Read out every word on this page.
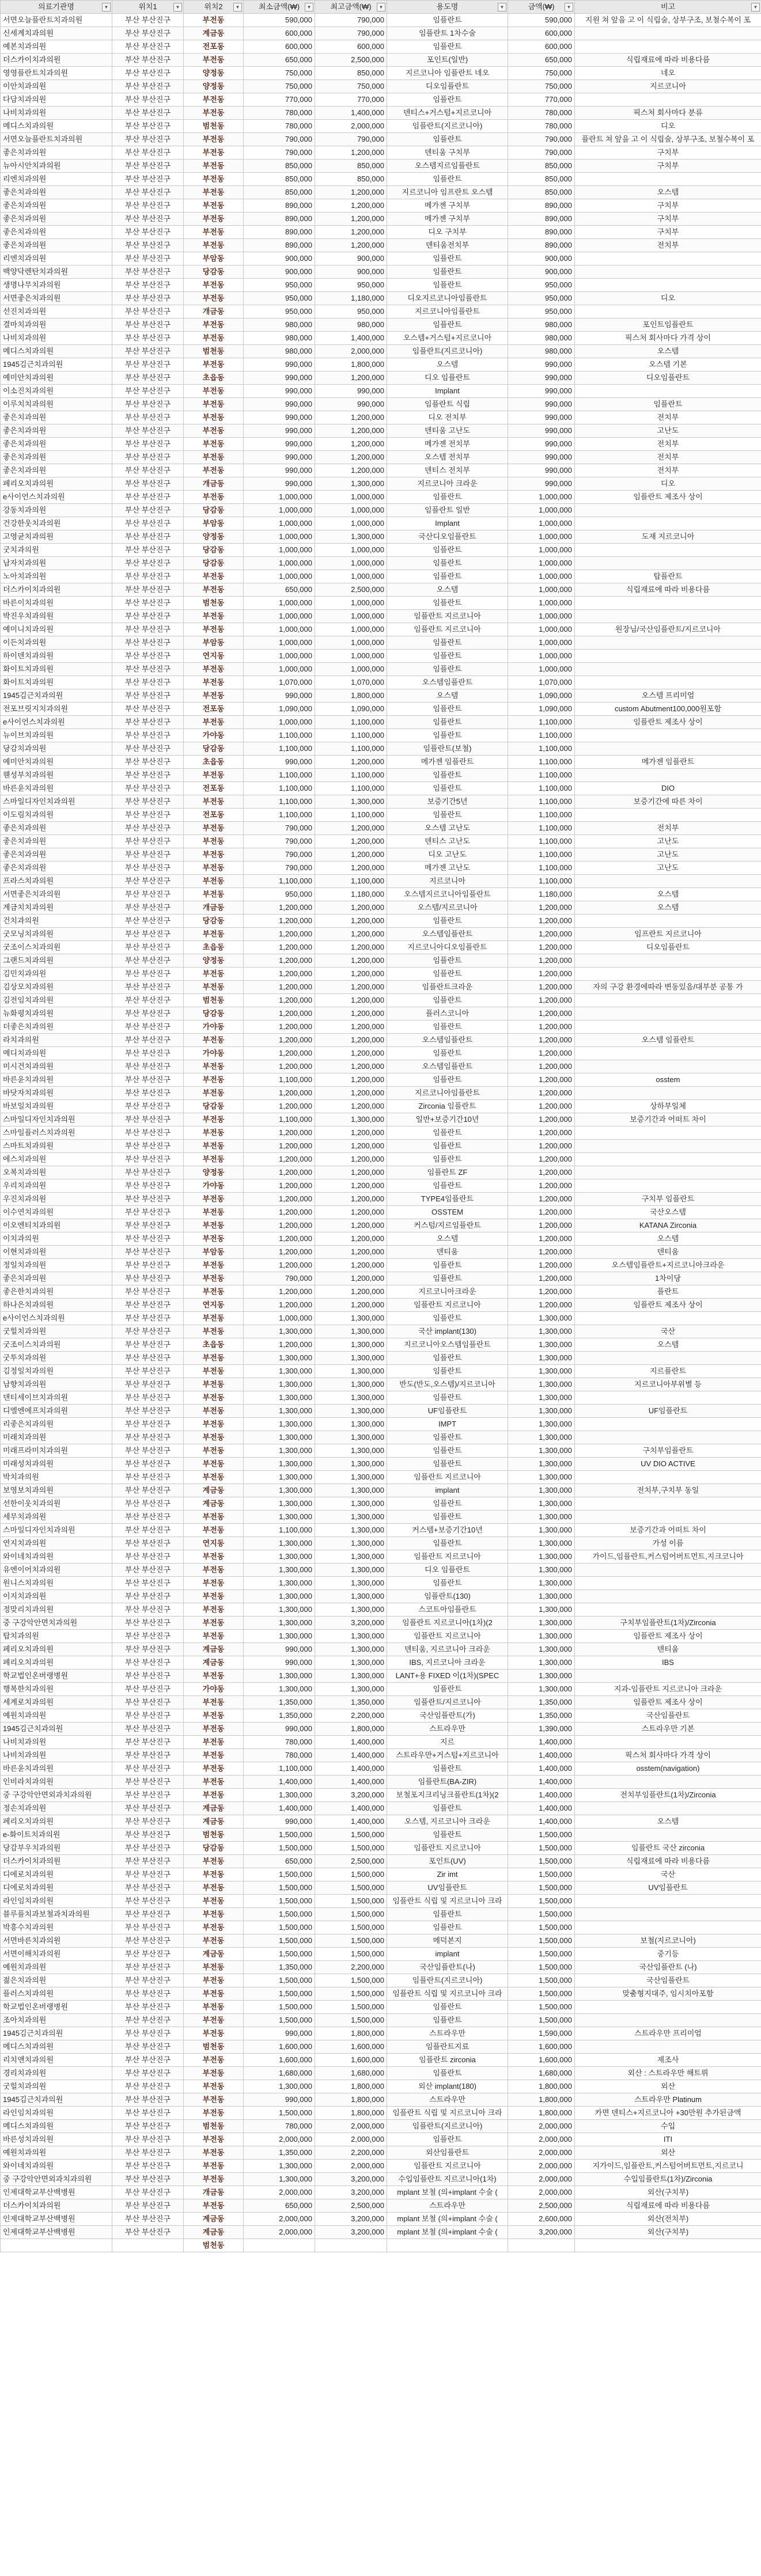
의료기관명 ▼	위치1 ▼	위치2 ▼	최소금액(₩) ▼	최고금액(₩) ▼	용도명 ▼	금액(₩) ▼	비고 ▼

서면오늘플란트치과의원	부산 부산진구	부전동	590,000	790,000	임플란트	590,000	지원 쳐 앞을 고 이 식립술, 상부구조, 보철수복이 포
신세계치과의원	부산 부산진구	계금동	600,000	790,000	임플란트 1차수술	600,000	
예본치과의원	부산 부산진구	전포동	600,000	600,000	임플란트	600,000	
더스카이치과의원	부산 부산진구	부전동	650,000	2,500,000	포인트(일반)	650,000	식립재료에 따라 비용다름
영영플란트치과의원	부산 부산진구	양정동	750,000	850,000	지르코니아 임플란트 네오	750,000	네오
이안치과의원	부산 부산진구	양정동	750,000	750,000	디오임플란트	750,000	지르코니아
다담치과의원	부산 부산진구	부전동	770,000	770,000	임플란트	770,000	
나비치과의원	부산 부산진구	부전동	780,000	1,400,000	덴티스+거스텀+지르코니아	780,000	픽스처 회사마다 분류
메디스치과의원	부산 부산진구	범천동	780,000	2,000,000	임플란트(지르코니아)	780,000	디오
서면오늘플란트치과의원	부산 부산진구	부전동	790,000	790,000	임플란트	790,000	플란트 쳐 앞을 고 이 식립술, 상부구조, 보철수복이 포
좋은치과의원	부산 부산진구	부전동	790,000	1,200,000	덴티움 구치부	790,000	구치부
뉴아시안치과의원	부산 부산진구	부전동	850,000	850,000	오스템지르임플란트	850,000	구치부
리엔치과의원	부산 부산진구	부전동	850,000	850,000	임플란트	850,000	
좋은치과의원	부산 부산진구	부전동	850,000	1,200,000	지르코니아 임프란트 오스템	850,000	오스템
좋은치과의원	부산 부산진구	부전동	890,000	1,200,000	메가젠 구치부	890,000	구치부
좋은치과의원	부산 부산진구	부전동	890,000	1,200,000	메가젠 구치부	890,000	구치부
좋은치과의원	부산 부산진구	부전동	890,000	1,200,000	디오 구치부	890,000	구치부
좋은치과의원	부산 부산진구	부전동	890,000	1,200,000	덴티움전치부	890,000	전치부
리엔치과의원	부산 부산진구	부암동	900,000	900,000	임플란트	900,000	
백양닥렌탄치과의원	부산 부산진구	당감동	900,000	900,000	임플란트	900,000	
생명나무치과의원	부산 부산진구	부전동	950,000	950,000	임플란트	950,000	
서면좋은치과의원	부산 부산진구	부전동	950,000	1,180,000	디오지르코니아임플란트	950,000	디오
선진치과의원	부산 부산진구	개금동	950,000	950,000	지르코니아임플란트	950,000	
결마치과의원	부산 부산진구	부전동	980,000	980,000	임플란트	980,000	포인트임플란트
나비치과의원	부산 부산진구	부전동	980,000	1,400,000	오스템+거스텀+지르코니아	980,000	픽스처 회사마다 가격 상이
메디스치과의원	부산 부산진구	범천동	980,000	2,000,000	임플란트(지르코니아)	980,000	오스템
1945김근치과의원	부산 부산진구	부전동	990,000	1,800,000	오스템	990,000	오스템 기본
예미안치과의원	부산 부산진구	초읍동	990,000	1,200,000	디오 임플란트	990,000	디오임플란트
이소진치과의원	부산 부산진구	부전동	990,000	990,000	Implant	990,000	
이루치치과의원	부산 부산진구	부전동	990,000	990,000	임플란트 식립	990,000	임플란트
좋은치과의원	부산 부산진구	부전동	990,000	1,200,000	디오 전치부	990,000	전치부
좋은치과의원	부산 부산진구	부전동	990,000	1,200,000	덴티움 고난도	990,000	고난도
좋은치과의원	부산 부산진구	부전동	990,000	1,200,000	메가젠 전치부	990,000	전치부
좋은치과의원	부산 부산진구	부전동	990,000	1,200,000	오스템 전치부	990,000	전치부
좋은치과의원	부산 부산진구	부전동	990,000	1,200,000	덴티스 전치부	990,000	전치부
페리오치과의원	부산 부산진구	개금동	990,000	1,300,000	지르코니아 크라운	990,000	디오
e사이언스치과의원	부산 부산진구	부전동	1,000,000	1,000,000	임플란트	1,000,000	임플란트 제조사 상이
강동치과의원	부산 부산진구	당감동	1,000,000	1,000,000	임플란트 일반	1,000,000	
건강한웃치과의원	부산 부산진구	부암동	1,000,000	1,000,000	Implant	1,000,000	
고영균치과의원	부산 부산진구	양정동	1,000,000	1,300,000	국산디오임플란트	1,000,000	도재 지르코니아
굿치과의원	부산 부산진구	당감동	1,000,000	1,000,000	임플란트	1,000,000	
남자치과의원	부산 부산진구	당감동	1,000,000	1,000,000	임플란트	1,000,000	
노아치과의원	부산 부산진구	부전동	1,000,000	1,000,000	임플란트	1,000,000	탑플란트
더스카이치과의원	부산 부산진구	부전동	650,000	2,500,000	오스템	1,000,000	식립재료에 따라 비용다름
바른이치과의원	부산 부산진구	범천동	1,000,000	1,000,000	임플란트	1,000,000	
박진우치과의원	부산 부산진구	부전동	1,000,000	1,000,000	임플란트 지르코니아	1,000,000	
예미니치과의원	부산 부산진구	부전동	1,000,000	1,000,000	임플란트 지르코니아	1,000,000	원장님/국산임플란트/지르코니아
이든치과의원	부산 부산진구	부암동	1,000,000	1,000,000	임플란트	1,000,000	
하이덴치과의원	부산 부산진구	연지동	1,000,000	1,000,000	임플란트	1,000,000	
화이트치과의원	부산 부산진구	부전동	1,000,000	1,000,000	임플란트	1,000,000	
화이트치과의원	부산 부산진구	부전동	1,070,000	1,070,000	오스템임플란트	1,070,000	
1945김근치과의원	부산 부산진구	부전동	990,000	1,800,000	오스템	1,090,000	오스템 프리미엄
전포브릿지치과의원	부산 부산진구	전포동	1,090,000	1,090,000	임플란트	1,090,000	custom Abutment100,000원포함
e사이언스치과의원	부산 부산진구	부전동	1,000,000	1,100,000	임플란트	1,100,000	임플란트 제조사 상이
뉴이브치과의원	부산 부산진구	가야동	1,100,000	1,100,000	임플란트	1,100,000	
당감치과의원	부산 부산진구	당감동	1,100,000	1,100,000	임플란트(보철)	1,100,000	
예미안치과의원	부산 부산진구	초읍동	990,000	1,200,000	메가젠 임플란트	1,100,000	메가젠 임플란트
웬성부치과의원	부산 부산진구	부전동	1,100,000	1,100,000	임플란트	1,100,000	
바른윤치과의원	부산 부산진구	전포동	1,100,000	1,100,000	임플란트	1,100,000	DIO
스마일디자인치과의원	부산 부산진구	부전동	1,100,000	1,300,000	보증기간5년	1,100,000	보증기간에 따른 차이
이도림치과의원	부산 부산진구	전포동	1,100,000	1,100,000	임플란트	1,100,000	
좋은치과의원	부산 부산진구	부전동	790,000	1,200,000	오스템 고난도	1,100,000	전치부
좋은치과의원	부산 부산진구	부전동	790,000	1,200,000	덴티스 고난도	1,100,000	고난도
좋은치과의원	부산 부산진구	부전동	790,000	1,200,000	디오 고난도	1,100,000	고난도
좋은치과의원	부산 부산진구	부전동	790,000	1,200,000	메가젠 고난도	1,100,000	고난도
프라스치과의원	부산 부산진구	부전동	1,100,000	1,100,000	지르코니아	1,100,000	
서면좋은치과의원	부산 부산진구	부전동	950,000	1,180,000	오스템지르코니아임플란트	1,180,000	오스템
계금치치과의원	부산 부산진구	개금동	1,200,000	1,200,000	오스템/지르코니아	1,200,000	오스템
건치과의원	부산 부산진구	당감동	1,200,000	1,200,000	임플란트	1,200,000	
굿모닝치과의원	부산 부산진구	부전동	1,200,000	1,200,000	오스템임플란트	1,200,000	임프란트 지르코니아
굿조이스치과의원	부산 부산진구	초읍동	1,200,000	1,200,000	지르코니아디오임플란트	1,200,000	디오임플란트
그랜드치과의원	부산 부산진구	양정동	1,200,000	1,200,000	임플란트	1,200,000	
김민치과의원	부산 부산진구	부전동	1,200,000	1,200,000	임플란트	1,200,000	
김상모치과의원	부산 부산진구	부전동	1,200,000	1,200,000	임플란트크라운	1,200,000	자의 구강 환경에따라 변동있음/대부분 공통 가
김전임치과의원	부산 부산진구	범천동	1,200,000	1,200,000	임플란트	1,200,000	
뉴화평치과의원	부산 부산진구	당감동	1,200,000	1,200,000	플러스코니아	1,200,000	
더좋은치과의원	부산 부산진구	가야동	1,200,000	1,200,000	임플란트	1,200,000	
라치과의원	부산 부산진구	부전동	1,200,000	1,200,000	오스템임플란트	1,200,000	오스템 임플란트
메디치과의원	부산 부산진구	가야동	1,200,000	1,200,000	임플란트	1,200,000	
미시건치과의원	부산 부산진구	부전동	1,200,000	1,200,000	오스템임플란트	1,200,000	
바른윤치과의원	부산 부산진구	부전동	1,100,000	1,200,000	임플란트	1,200,000	osstem
바닷자치과의원	부산 부산진구	부전동	1,200,000	1,200,000	지르코니아임플란트	1,200,000	
바보일치과의원	부산 부산진구	당감동	1,200,000	1,200,000	Zirconia 임플란트	1,200,000	상하부일체
스마일디자인치과의원	부산 부산진구	부전동	1,100,000	1,300,000	일반+보증기간10년	1,200,000	보증기간과 어떠트 차이
스마일플러스치과의원	부산 부산진구	부전동	1,200,000	1,200,000	임플란트	1,200,000	
스마트치과의원	부산 부산진구	부전동	1,200,000	1,200,000	임플란트	1,200,000	
에스치과의원	부산 부산진구	부전동	1,200,000	1,200,000	임플란트	1,200,000	
오복치과의원	부산 부산진구	양정동	1,200,000	1,200,000	임플란트 ZF	1,200,000	
우리치과의원	부산 부산진구	가야동	1,200,000	1,200,000	임플란트	1,200,000	
우진치과의원	부산 부산진구	부전동	1,200,000	1,200,000	TYPE4임플란트	1,200,000	구치부 임플란트
이수연치과의원	부산 부산진구	부전동	1,200,000	1,200,000	OSSTEM	1,200,000	국산오스템
이오엔티치과의원	부산 부산진구	부전동	1,200,000	1,200,000	커스텀/지르임플란트	1,200,000	KATANA Zirconia
이치과의원	부산 부산진구	부전동	1,200,000	1,200,000	오스템	1,200,000	오스템
이현치과의원	부산 부산진구	부암동	1,200,000	1,200,000	덴티움	1,200,000	덴티움
정일치과의원	부산 부산진구	부전동	1,200,000	1,200,000	임플란트	1,200,000	오스템임플란트+지르코니아크라운
좋은치과의원	부산 부산진구	부전동	790,000	1,200,000	임플란트	1,200,000	1차이당
좋은한치과의원	부산 부산진구	부전동	1,200,000	1,200,000	지르코니아크라운	1,200,000	플란트
하나은치과의원	부산 부산진구	연지동	1,200,000	1,200,000	임플란트 지르코니아	1,200,000	임플란트 제조사 상이
e사이언스치과의원	부산 부산진구	부전동	1,000,000	1,300,000	임플란트	1,300,000	
굿힐치과의원	부산 부산진구	부전동	1,300,000	1,300,000	국산 implant(130)	1,300,000	국산
굿조이스치과의원	부산 부산진구	초읍동	1,200,000	1,300,000	지르코니아오스템임플란트	1,300,000	오스템
굿투치과의원	부산 부산진구	부전동	1,300,000	1,300,000	임플란트	1,300,000	
김정일치과의원	부산 부산진구	부전동	1,300,000	1,300,000	임플란트	1,300,000	지르플란트
남향치과의원	부산 부산진구	부전동	1,300,000	1,300,000	반도(반도,오스템)/지르코니아	1,300,000	지르코니아부위별 등
덴티세이브치과의원	부산 부산진구	부전동	1,300,000	1,300,000	임플란트	1,300,000	
디엘엔에프치과의원	부산 부산진구	부전동	1,300,000	1,300,000	UF임플란트	1,300,000	UF임플란트
리좋은치과의원	부산 부산진구	부전동	1,300,000	1,300,000	IMPT	1,300,000	
미래치과의원	부산 부산진구	부전동	1,300,000	1,300,000	임플란트	1,300,000	
미래프라미치과의원	부산 부산진구	부전동	1,300,000	1,300,000	임플란트	1,300,000	구치부임플란트
미래성치과의원	부산 부산진구	부전동	1,300,000	1,300,000	임플란트	1,300,000	UV DIO ACTIVE
박치과의원	부산 부산진구	부전동	1,300,000	1,300,000	임플란트 지르코니아	1,300,000	
보영보치과의원	부산 부산진구	계금동	1,300,000	1,300,000	implant	1,300,000	전치부,구치부 동일
선한이웃치과의원	부산 부산진구	계금동	1,300,000	1,300,000	임플란트	1,300,000	
세무치과의원	부산 부산진구	부전동	1,300,000	1,300,000	임플란트	1,300,000	
스마일디자인치과의원	부산 부산진구	부전동	1,100,000	1,300,000	커스템+보증기간10년	1,300,000	보증기간과 어떠트 차이
연지치과의원	부산 부산진구	연지동	1,300,000	1,300,000	임플란트	1,300,000	가성 이름
와이네치과의원	부산 부산진구	부전동	1,300,000	1,300,000	임플란트 지르코니아	1,300,000	가이드,임플란트,커스텀어버트먼트,지크코니아
유엔이어치과의원	부산 부산진구	부전동	1,300,000	1,300,000	디오 임플란트	1,300,000	
원니스치과의원	부산 부산진구	부전동	1,300,000	1,300,000	임플란트	1,300,000	
이지치과의원	부산 부산진구	부전동	1,300,000	1,300,000	임플란트(130)	1,300,000	
정맞리치과의원	부산 부산진구	부전동	1,300,000	1,300,000	스코트아임플란트	1,300,000	
중 구강악안면치과의원	부산 부산진구	부전동	1,300,000	3,200,000	임플란트 지르코니아(1차)(2	1,300,000	구치부임플란트(1차)/Zirconia
탑치과의원	부산 부산진구	부전동	1,300,000	1,300,000	임플란트 지르코니아	1,300,000	임플란트 제조사 상이
페리오치과의원	부산 부산진구	계금동	990,000	1,300,000	덴티움, 지르코니아 크라운	1,300,000	덴티움
페리오치과의원	부산 부산진구	계금동	990,000	1,300,000	IBS, 지르코니아 크라운	1,300,000	IBS
학교법인온버랭병원	부산 부산진구	부전동	1,300,000	1,300,000	LANT+용 FIXED 이(1차)(SPEC	1,300,000	
행복한치과의원	부산 부산진구	가야동	1,300,000	1,300,000	임플란트	1,300,000	지과-임플란트 지르코니아 크라운
세계로치과의원	부산 부산진구	부전동	1,350,000	1,350,000	임플란트/지르코니아	1,350,000	임플란트 제조사 상이
예원치과의원	부산 부산진구	부전동	1,350,000	2,200,000	국산임플란트(가)	1,350,000	국산임플란트
1945김근치과의원	부산 부산진구	부전동	990,000	1,800,000	스트라우만	1,390,000	스트라우만 기본
나비치과의원	부산 부산진구	부전동	780,000	1,400,000	지르	1,400,000	
나비치과의원	부산 부산진구	부전동	780,000	1,400,000	스트라우만+거스텀+지르코니아	1,400,000	픽스처 회사마다 가격 상이
바른윤치과의원	부산 부산진구	부전동	1,100,000	1,400,000	임플란트	1,400,000	osstem(navigation)
인비라치과의원	부산 부산진구	부전동	1,400,000	1,400,000	임플란트(BA-ZIR)	1,400,000	
중 구강악안면외과치과의원	부산 부산진구	부전동	1,300,000	3,200,000	보철포지크리닝크플란트(1차)(2	1,400,000	전치부임플란트(1차)/Zirconia
정손치과의원	부산 부산진구	계금동	1,400,000	1,400,000	임플란트	1,400,000	
페리오치과의원	부산 부산진구	계금동	990,000	1,400,000	오스템, 지르코니아 크라운	1,400,000	오스템
e-화이트치과의원	부산 부산진구	범천동	1,500,000	1,500,000	임플란트	1,500,000	
당감부우치과의원	부산 부산진구	당감동	1,500,000	1,500,000	임플란트 지르코니아	1,500,000	임플란트 국산 zirconia
더스카이치과의원	부산 부산진구	부전동	650,000	2,500,000	포인트(UV)	1,500,000	식립재료에 따라 비용다름
디에로치과의원	부산 부산진구	부전동	1,500,000	1,500,000	Zir imt	1,500,000	국산
디에로치과의원	부산 부산진구	부전동	1,500,000	1,500,000	UV임플란트	1,500,000	UV임플란트
라인임치과의원	부산 부산진구	부전동	1,500,000	1,500,000	임플란트 식립 및 지르코니아 크라	1,500,000	
블루플치과보철과치과의원	부산 부산진구	부전동	1,500,000	1,500,000	임플란트	1,500,000	
박흥수치과의원	부산 부산진구	부전동	1,500,000	1,500,000	임플란트	1,500,000	
서면바른치과의원	부산 부산진구	부전동	1,500,000	1,500,000	메덕본지	1,500,000	보철(지르코니아)
서면이해치과의원	부산 부산진구	계금동	1,500,000	1,500,000	implant	1,500,000	중기등
예원치과의원	부산 부산진구	부전동	1,350,000	2,200,000	국산임플란트(나)	1,500,000	국산임플란트 (나)
젊은치과의원	부산 부산진구	부전동	1,500,000	1,500,000	임플란트(지르코니아)	1,500,000	국산임플란트
플러스치과의원	부산 부산진구	부전동	1,500,000	1,500,000	임플란트 식립 및 지르코니아 크라	1,500,000	맞춤형지대주, 임시치아포함
학교법인온버랭병원	부산 부산진구	부전동	1,500,000	1,500,000	임플란트	1,500,000	
조아치과의원	부산 부산진구	부전동	1,500,000	1,500,000	임플란트	1,500,000	
1945김근치과의원	부산 부산진구	부전동	990,000	1,800,000	스트라우만	1,590,000	스트라우만 프리미엄
메디스치과의원	부산 부산진구	범천동	1,600,000	1,600,000	임플란트지료	1,600,000	
리치앤치과의원	부산 부산진구	부전동	1,600,000	1,600,000	임플란트 zirconia	1,600,000	제조사
경리치과의원	부산 부산진구	부전동	1,680,000	1,680,000	임플란트	1,680,000	외산 : 스트라우만 해트뤼
굿힐치과의원	부산 부산진구	부전동	1,300,000	1,800,000	외산 implant(180)	1,800,000	외산
1945김근치과의원	부산 부산진구	부전동	990,000	1,800,000	스트라우만	1,800,000	스트라우만 Platinum
라인임치과의원	부산 부산진구	부전동	1,500,000	1,800,000	임플란트 식립 및 지르코니아 크라	1,800,000	카면 덴티스+지르코니아 +30만원 추가된금액
메디스치과의원	부산 부산진구	범천동	780,000	2,000,000	임플란트(지르코니아)	2,000,000	수입
바른성치과의원	부산 부산진구	부전동	2,000,000	2,000,000	임플란트	2,000,000	ITI
예원치과의원	부산 부산진구	부전동	1,350,000	2,200,000	외산임플란트	2,000,000	외산
와이네치과의원	부산 부산진구	부전동	1,300,000	2,000,000	임플란트 지르코니아	2,000,000	지가이드,임플란트,커스텀어버트먼트,지르코니
중 구강악안면외과치과의원	부산 부산진구	부전동	1,300,000	3,200,000	수입임플란트 지르코니아(1차)	2,000,000	수입임플란트(1차)/Zirconia
인제대학교부산백병원	부산 부산진구	개금동	2,000,000	3,200,000	mplant 보철 (의+implant 수술 (	2,000,000	외산(구치부)
더스카이치과의원	부산 부산진구	부전동	650,000	2,500,000	스트라우만	2,500,000	식립재료에 따라 비용다름
인제대학교부산백병원	부산 부산진구	계금동	2,000,000	3,200,000	mplant 보철 (의+implant 수술 (	2,600,000	외산(전치부)
인제대학교부산백병원	부산 부산진구	계금동	2,000,000	3,200,000	mplant 보철 (의+implant 수술 (	3,200,000	외산(구치부)
		범천동					
